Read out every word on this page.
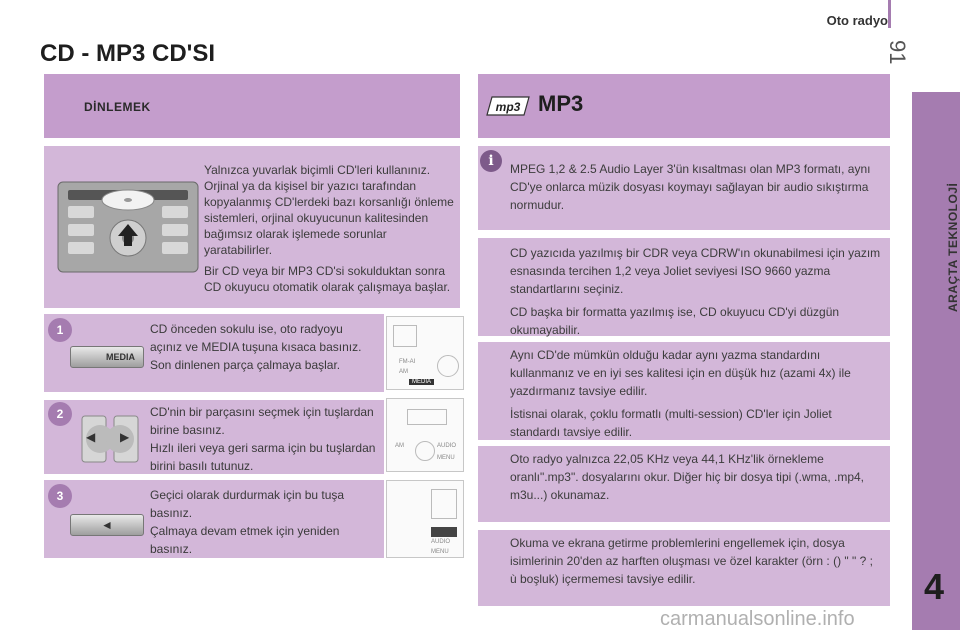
Oto radyo
91
CD - MP3 CD'SI
ARAÇTA TEKNOLOJİ
4
DİNLEMEK

Yalnızca yuvarlak biçimli CD'leri kullanınız. Orjinal ya da kişisel bir yazıcı tarafından kopyalanmış CD'lerdeki bazı korsanlığı önleme sistemleri, orjinal okuyucunun kalitesinden bağımsız olarak işlemede sorunlar yaratabilirler.

Bir CD veya bir MP3 CD'si sokulduktan sonra CD okuyucu otomatik olarak çalışmaya başlar.

1
MEDIA

CD önceden sokulu ise, oto radyoyu açınız ve MEDIA tuşuna kısaca basınız.

Son dinlenen parça çalmaya başlar.	FM-AI
AM
MEDIA
2
◀ ▶

CD'nin bir parçasını seçmek için tuşlardan birine basınız.

Hızlı ileri veya geri sarma için bu tuşlardan birini basılı tutunuz.

AM	AUDIO
MENU
3
◄

Geçici olarak durdurmak için bu tuşa basınız.

Çalmaya devam etmek için yeniden basınız.	AUDIO
MENU
mp3 MP3
i	MPEG 1,2 & 2.5 Audio Layer 3'ün kısaltması olan MP3 formatı, aynı CD'ye onlarca müzik dosyası koymayı sağlayan bir audio sıkıştırma normudur.

CD yazıcıda yazılmış bir CDR veya CDRW'ın okunabilmesi için yazım esnasında tercihen 1,2 veya Joliet seviyesi ISO 9660 yazma standartlarını seçiniz.

CD başka bir formatta yazılmış ise, CD okuyucu CD'yi düzgün okumayabilir.

Aynı CD'de mümkün olduğu kadar aynı yazma standardını kullanmanız ve en iyi ses kalitesi için en düşük hız (azami 4x) ile yazdırmanız tavsiye edilir.

İstisnai olarak, çoklu formatlı (multi-session) CD'ler için Joliet standardı tavsiye edilir.

Oto radyo yalnızca 22,05 KHz veya 44,1 KHz'lik örnekleme oranlı".mp3". dosyalarını okur. Diğer hiç bir dosya tipi (.wma, .mp4, m3u...) okunamaz.

Okuma ve ekrana getirme problemlerini engellemek için, dosya isimlerinin 20'den az harften oluşması ve özel karakter (örn : () " " ? ; ù boşluk) içermemesi tavsiye edilir.

carmanualsonline.info
